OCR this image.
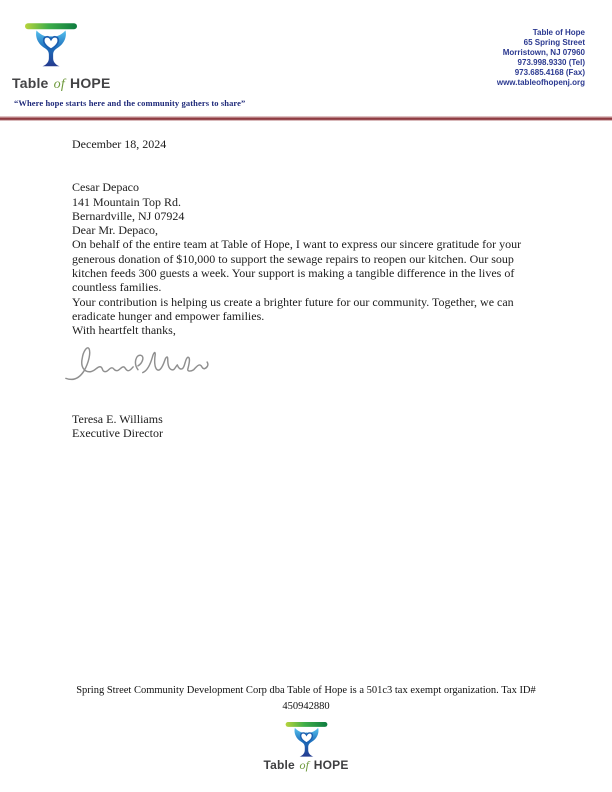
Table of HOPE
Table of Hope
65 Spring Street
Morristown, NJ 07960
973.998.9330 (Tel)
973.685.4168 (Fax)
www.tableofhopenj.org
“Where hope starts here and the community gathers to share”

December 18, 2024

Cesar Depaco

141 Mountain Top Rd.

Bernardville, NJ 07924

Dear Mr. Depaco,

On behalf of the entire team at Table of Hope, I want to express our sincere gratitude for your generous donation of $10,000 to support the sewage repairs to reopen our kitchen. Our soup kitchen feeds 300 guests a week. Your support is making a tangible difference in the lives of countless families.

Your contribution is helping us create a brighter future for our community. Together, we can eradicate hunger and empower families.

With heartfelt thanks,

Teresa E. Williams

Executive Director

Spring Street Community Development Corp dba Table of Hope is a 501c3 tax exempt organization. Tax ID#
450942880
Table of HOPE
